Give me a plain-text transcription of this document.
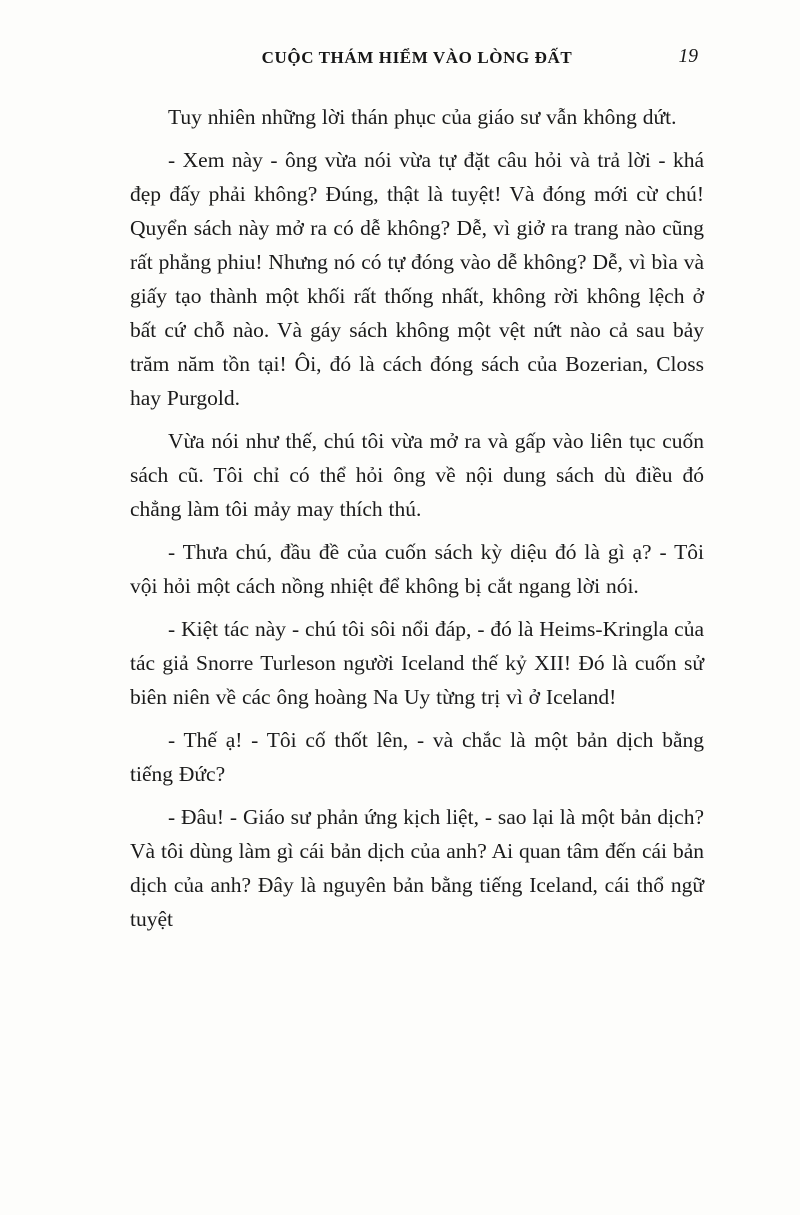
CUỘC THÁM HIỂM VÀO LÒNG ĐẤT	19

Tuy nhiên những lời thán phục của giáo sư vẫn không dứt.

- Xem này - ông vừa nói vừa tự đặt câu hỏi và trả lời - khá đẹp đấy phải không? Đúng, thật là tuyệt! Và đóng mới cừ chú! Quyển sách này mở ra có dễ không? Dễ, vì giở ra trang nào cũng rất phẳng phiu! Nhưng nó có tự đóng vào dễ không? Dễ, vì bìa và giấy tạo thành một khối rất thống nhất, không rời không lệch ở bất cứ chỗ nào. Và gáy sách không một vệt nứt nào cả sau bảy trăm năm tồn tại! Ôi, đó là cách đóng sách của Bozerian, Closs hay Purgold.

Vừa nói như thế, chú tôi vừa mở ra và gấp vào liên tục cuốn sách cũ. Tôi chỉ có thể hỏi ông về nội dung sách dù điều đó chẳng làm tôi mảy may thích thú.

- Thưa chú, đầu đề của cuốn sách kỳ diệu đó là gì ạ? - Tôi vội hỏi một cách nồng nhiệt để không bị cắt ngang lời nói.

- Kiệt tác này - chú tôi sôi nổi đáp, - đó là Heims-Kringla của tác giả Snorre Turleson người Iceland thế kỷ XII! Đó là cuốn sử biên niên về các ông hoàng Na Uy từng trị vì ở Iceland!

- Thế ạ! - Tôi cố thốt lên, - và chắc là một bản dịch bằng tiếng Đức?

- Đâu! - Giáo sư phản ứng kịch liệt, - sao lại là một bản dịch? Và tôi dùng làm gì cái bản dịch của anh? Ai quan tâm đến cái bản dịch của anh? Đây là nguyên bản bằng tiếng Iceland, cái thổ ngữ tuyệt
